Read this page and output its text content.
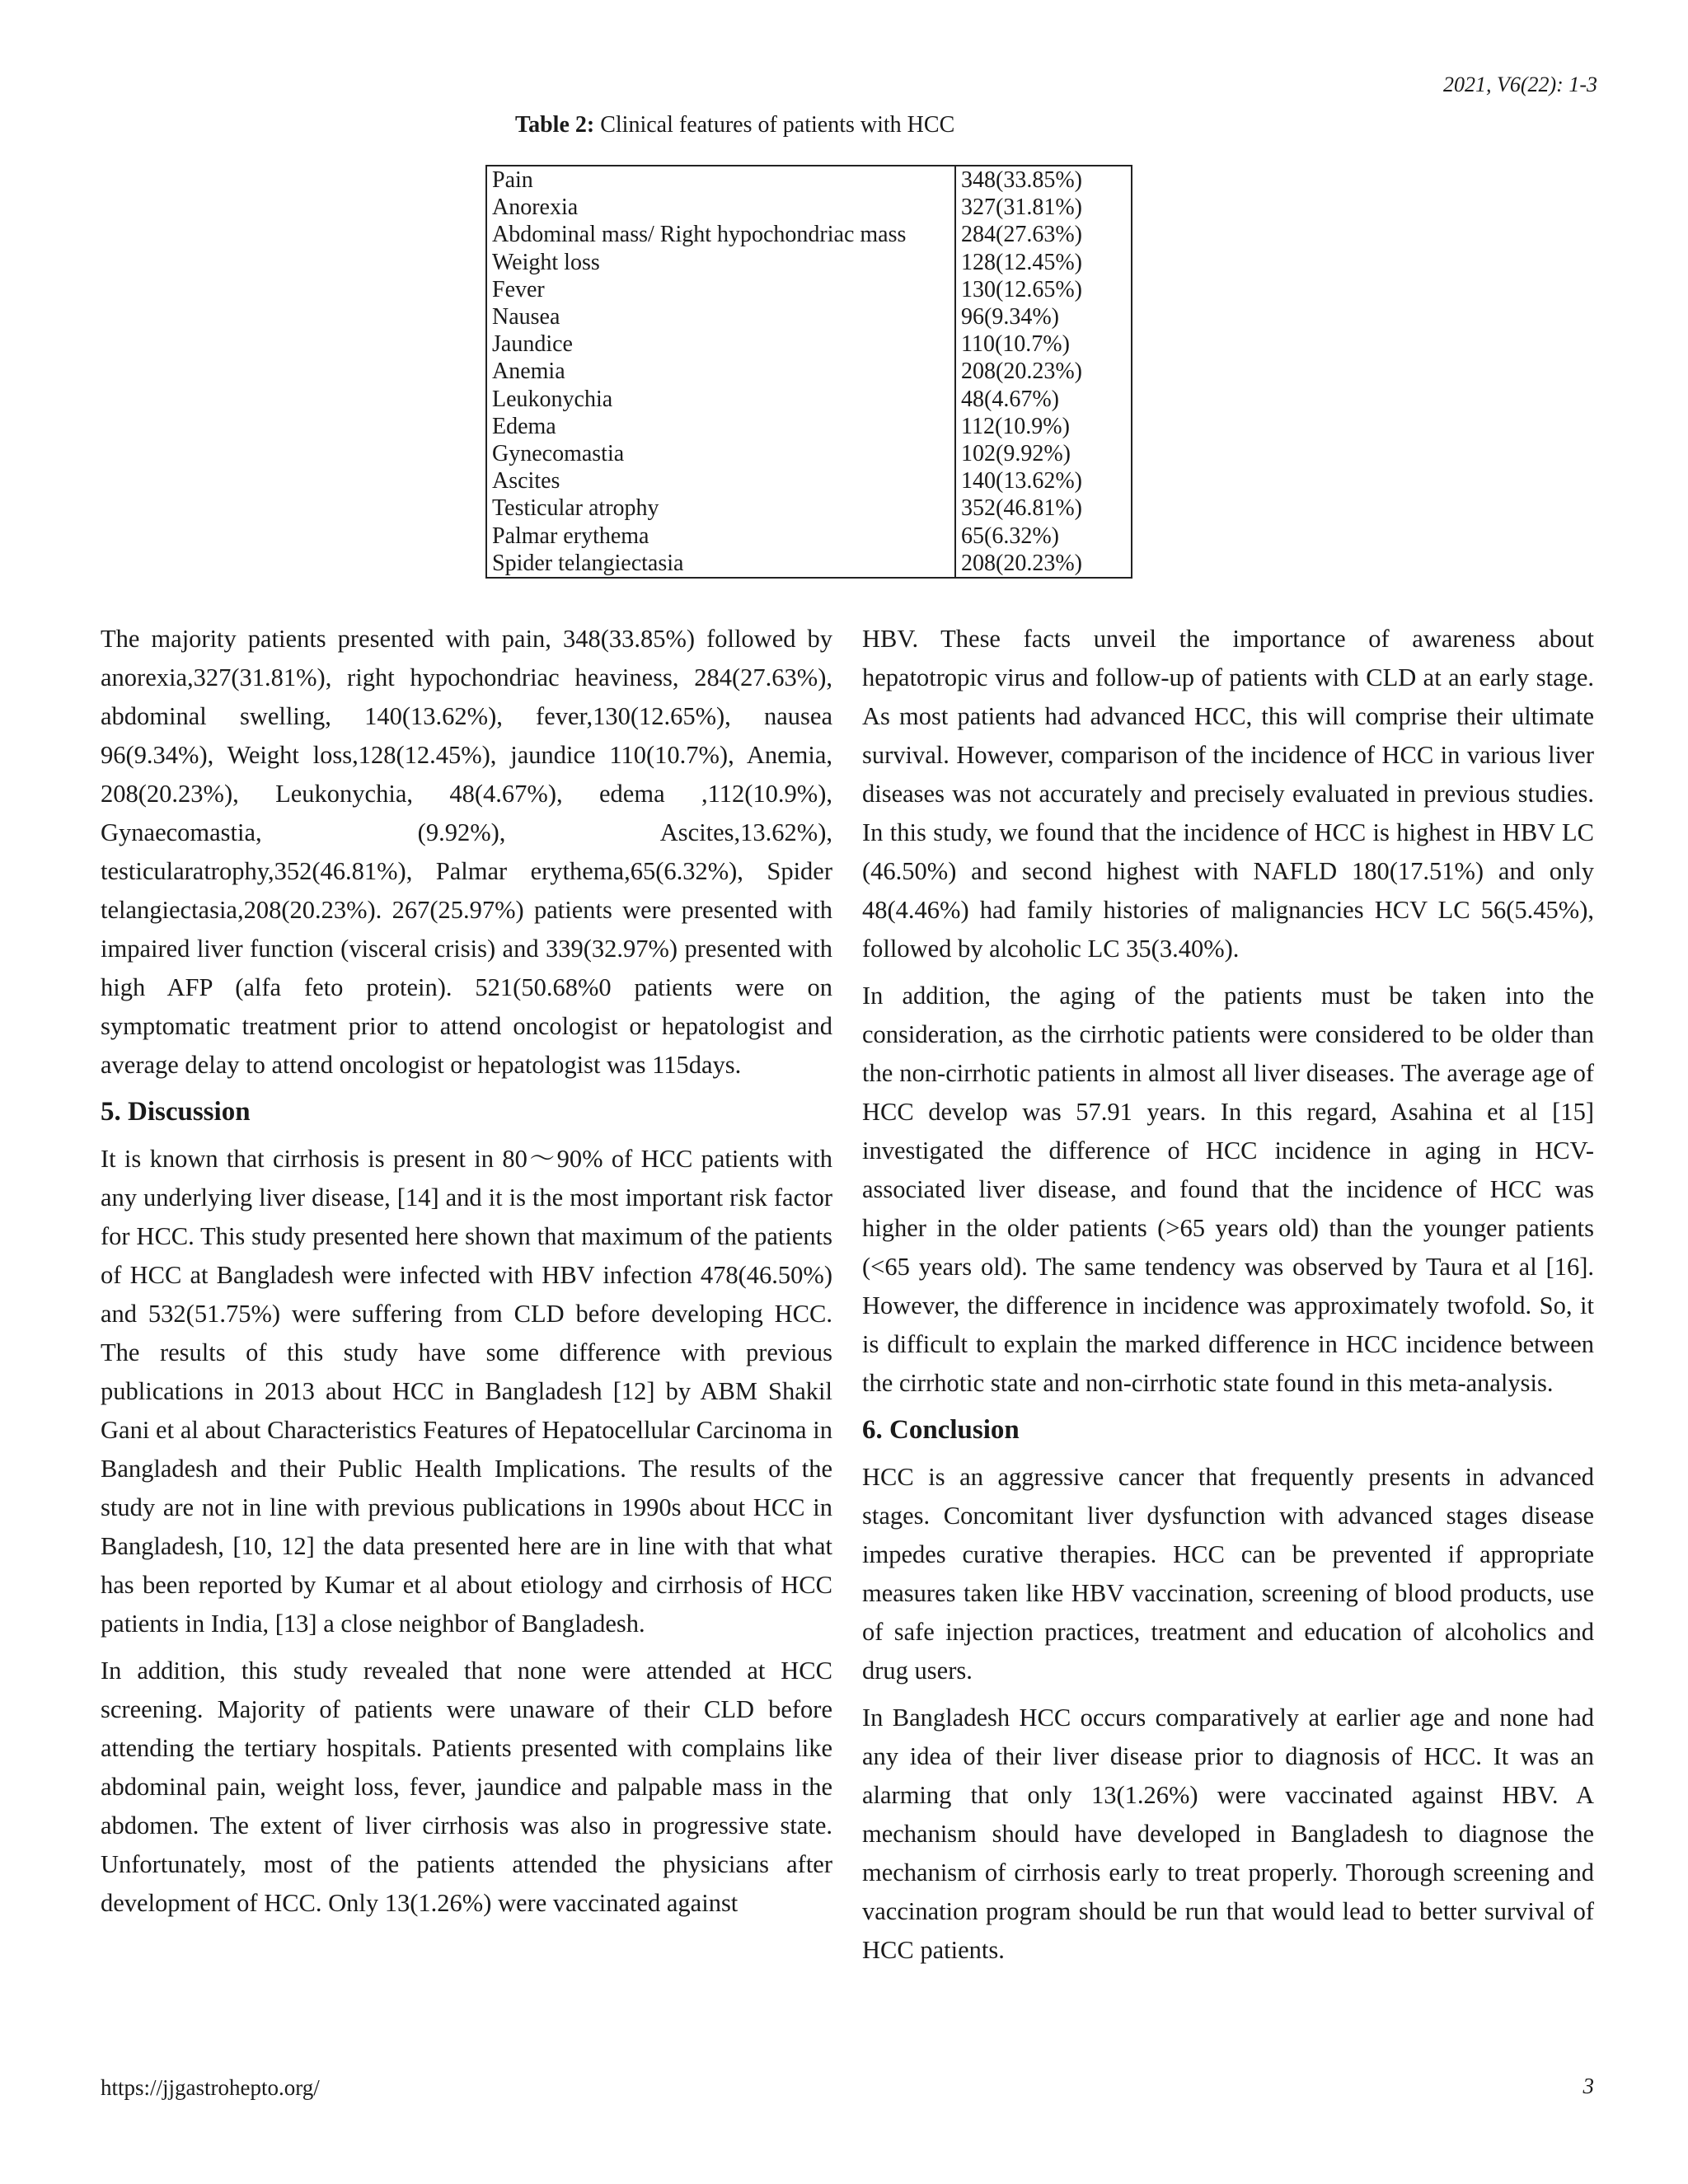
2021, V6(22): 1-3
Table 2: Clinical features of patients with HCC
Pain	348(33.85%)
Anorexia	327(31.81%)
Abdominal mass/ Right hypochondriac mass	284(27.63%)
Weight loss	128(12.45%)
Fever	130(12.65%)
Nausea	96(9.34%)
Jaundice	110(10.7%)
Anemia	208(20.23%)
Leukonychia	48(4.67%)
Edema	112(10.9%)
Gynecomastia	102(9.92%)
Ascites	140(13.62%)
Testicular atrophy	352(46.81%)
Palmar erythema	65(6.32%)
Spider telangiectasia	208(20.23%)

The majority patients presented with pain, 348(33.85%) followed by anorexia,327(31.81%), right hypochondriac heaviness, 284(27.63%), abdominal swelling, 140(13.62%), fever,130(12.65%), nausea 96(9.34%), Weight loss,128(12.45%), jaundice 110(10.7%), Anemia, 208(20.23%), Leukonychia, 48(4.67%), edema ,112(10.9%), Gynaecomastia, (9.92%), Ascites,13.62%), testicularatrophy,352(46.81%), Palmar erythema,65(6.32%), Spider telangiectasia,208(20.23%). 267(25.97%) patients were presented with impaired liver function (visceral crisis) and 339(32.97%) presented with high AFP (alfa feto protein). 521(50.68%0 patients were on symptomatic treatment prior to attend oncologist or hepatologist and average delay to attend oncologist or hepatologist was 115days.

5. Discussion

It is known that cirrhosis is present in 80～90% of HCC patients with any underlying liver disease, [14] and it is the most important risk factor for HCC. This study presented here shown that maximum of the patients of HCC at Bangladesh were infected with HBV infection 478(46.50%) and 532(51.75%) were suffering from CLD before developing HCC. The results of this study have some difference with previous publications in 2013 about HCC in Bangladesh [12] by ABM Shakil Gani et al about Characteristics Features of Hepatocellular Carcinoma in Bangladesh and their Public Health Implications. The results of the study are not in line with previous publications in 1990s about HCC in Bangladesh, [10, 12] the data presented here are in line with that what has been reported by Kumar et al about etiology and cirrhosis of HCC patients in India, [13] a close neighbor of Bangladesh.

In addition, this study revealed that none were attended at HCC screening. Majority of patients were unaware of their CLD before attending the tertiary hospitals. Patients presented with complains like abdominal pain, weight loss, fever, jaundice and palpable mass in the abdomen. The extent of liver cirrhosis was also in progressive state. Unfortunately, most of the patients attended the physicians after development of HCC. Only 13(1.26%) were vaccinated against

HBV. These facts unveil the importance of awareness about hepatotropic virus and follow-up of patients with CLD at an early stage. As most patients had advanced HCC, this will comprise their ultimate survival. However, comparison of the incidence of HCC in various liver diseases was not accurately and precisely evaluated in previous studies. In this study, we found that the incidence of HCC is highest in HBV LC (46.50%) and second highest with NAFLD 180(17.51%) and only 48(4.46%) had family histories of malignancies HCV LC 56(5.45%), followed by alcoholic LC 35(3.40%).

In addition, the aging of the patients must be taken into the consideration, as the cirrhotic patients were considered to be older than the non-cirrhotic patients in almost all liver diseases. The average age of HCC develop was 57.91 years. In this regard, Asahina et al [15] investigated the difference of HCC incidence in aging in HCV-associated liver disease, and found that the incidence of HCC was higher in the older patients (>65 years old) than the younger patients (<65 years old). The same tendency was observed by Taura et al [16]. However, the difference in incidence was approximately twofold. So, it is difficult to explain the marked difference in HCC incidence between the cirrhotic state and non-cirrhotic state found in this meta-analysis.

6. Conclusion

HCC is an aggressive cancer that frequently presents in advanced stages. Concomitant liver dysfunction with advanced stages disease impedes curative therapies. HCC can be prevented if appropriate measures taken like HBV vaccination, screening of blood products, use of safe injection practices, treatment and education of alcoholics and drug users.

In Bangladesh HCC occurs comparatively at earlier age and none had any idea of their liver disease prior to diagnosis of HCC. It was an alarming that only 13(1.26%) were vaccinated against HBV. A mechanism should have developed in Bangladesh to diagnose the mechanism of cirrhosis early to treat properly. Thorough screening and vaccination program should be run that would lead to better survival of HCC patients.

https://jjgastrohepto.org/	3
